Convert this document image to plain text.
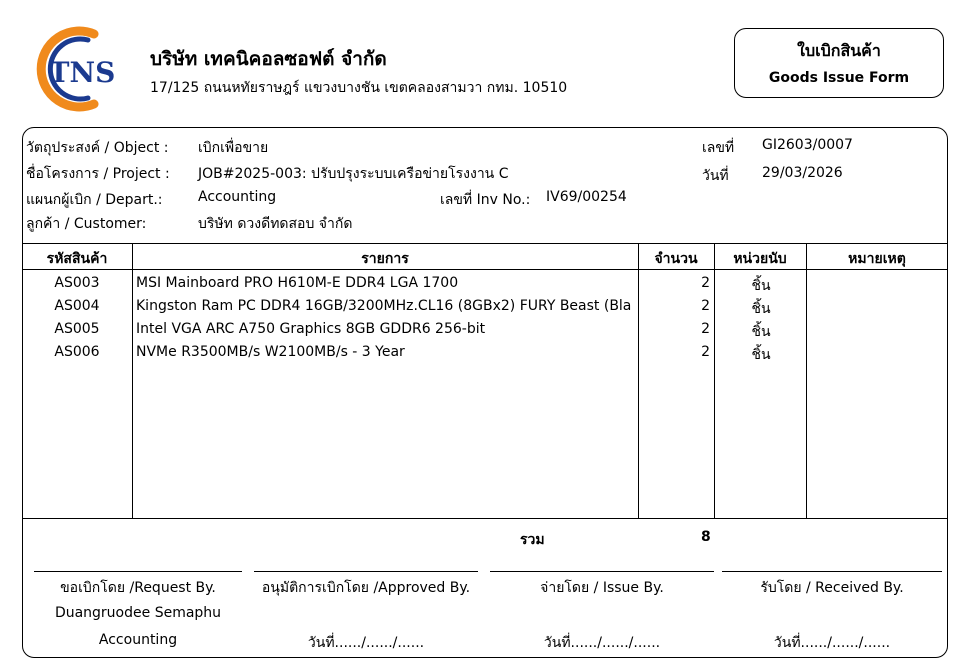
TNS บริษัท เทคนิคอลซอฟต์ จำกัด
17/125 ถนนหทัยราษฎร์ แขวงบางชัน เขตคลองสามวา กทม. 10510
ใบเบิกสินค้า
Goods Issue Form
วัตถุประสงค์ / Object : เบิกเพื่อขาย
ชื่อโครงการ / Project : JOB#2025-003: ปรับปรุงระบบเครือข่ายโรงงาน C
แผนกผู้เบิก / Depart.:	Accounting	เลขที่ Inv No.: IV69/00254
ลูกค้า / Customer:	บริษัท ดวงดีทดสอบ จำกัด
เลขที่ GI2603/0007
วันที่ 29/03/2026
รหัสสินค้า	รายการ	จำนวน	หน่วยนับ	หมายเหตุ
AS003	MSI Mainboard PRO H610M-E DDR4 LGA 1700	2	ชิ้น
AS004	Kingston Ram PC DDR4 16GB/3200MHz.CL16 (8GBx2) FURY Beast (Bla	2	ชิ้น
AS005	Intel VGA ARC A750 Graphics 8GB GDDR6 256-bit	2	ชิ้น
AS006	NVMe R3500MB/s W2100MB/s - 3 Year	2	ชิ้น
รวม	8
ขอเบิกโดย /Request By.	อนุมัติการเบิกโดย /Approved By.	จ่ายโดย / Issue By.	รับโดย / Received By.
Duangruodee Semaphu
Accounting	วันที่....../....../......	วันที่....../....../......	วันที่....../....../......
